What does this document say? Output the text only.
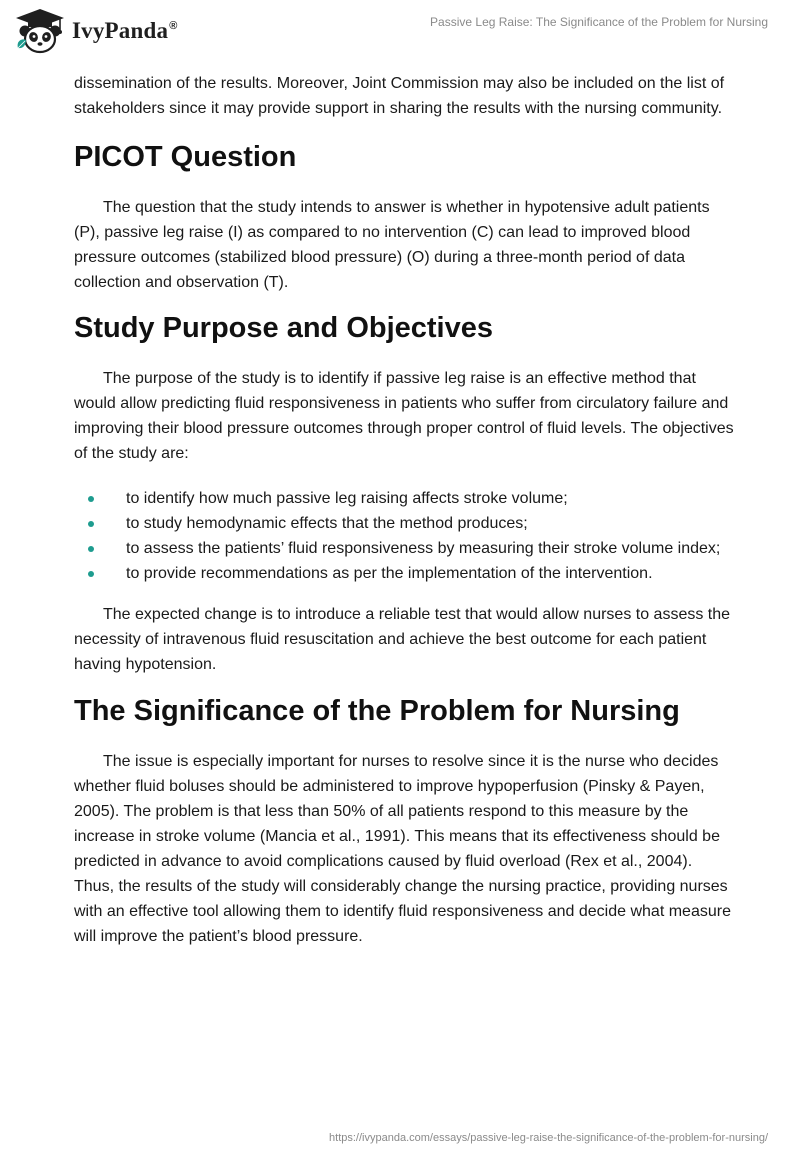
IvyPanda®	Passive Leg Raise: The Significance of the Problem for Nursing

dissemination of the results. Moreover, Joint Commission may also be included on the list of stakeholders since it may provide support in sharing the results with the nursing community.

PICOT Question

The question that the study intends to answer is whether in hypotensive adult patients (P), passive leg raise (I) as compared to no intervention (C) can lead to improved blood pressure outcomes (stabilized blood pressure) (O) during a three-month period of data collection and observation (T).

Study Purpose and Objectives

The purpose of the study is to identify if passive leg raise is an effective method that would allow predicting fluid responsiveness in patients who suffer from circulatory failure and improving their blood pressure outcomes through proper control of fluid levels. The objectives of the study are:

to identify how much passive leg raising affects stroke volume;
to study hemodynamic effects that the method produces;
to assess the patients’ fluid responsiveness by measuring their stroke volume index;
to provide recommendations as per the implementation of the intervention.

The expected change is to introduce a reliable test that would allow nurses to assess the necessity of intravenous fluid resuscitation and achieve the best outcome for each patient having hypotension.

The Significance of the Problem for Nursing

The issue is especially important for nurses to resolve since it is the nurse who decides whether fluid boluses should be administered to improve hypoperfusion (Pinsky & Payen, 2005). The problem is that less than 50% of all patients respond to this measure by the increase in stroke volume (Mancia et al., 1991). This means that its effectiveness should be predicted in advance to avoid complications caused by fluid overload (Rex et al., 2004). Thus, the results of the study will considerably change the nursing practice, providing nurses with an effective tool allowing them to identify fluid responsiveness and decide what measure will improve the patient’s blood pressure.

https://ivypanda.com/essays/passive-leg-raise-the-significance-of-the-problem-for-nursing/
